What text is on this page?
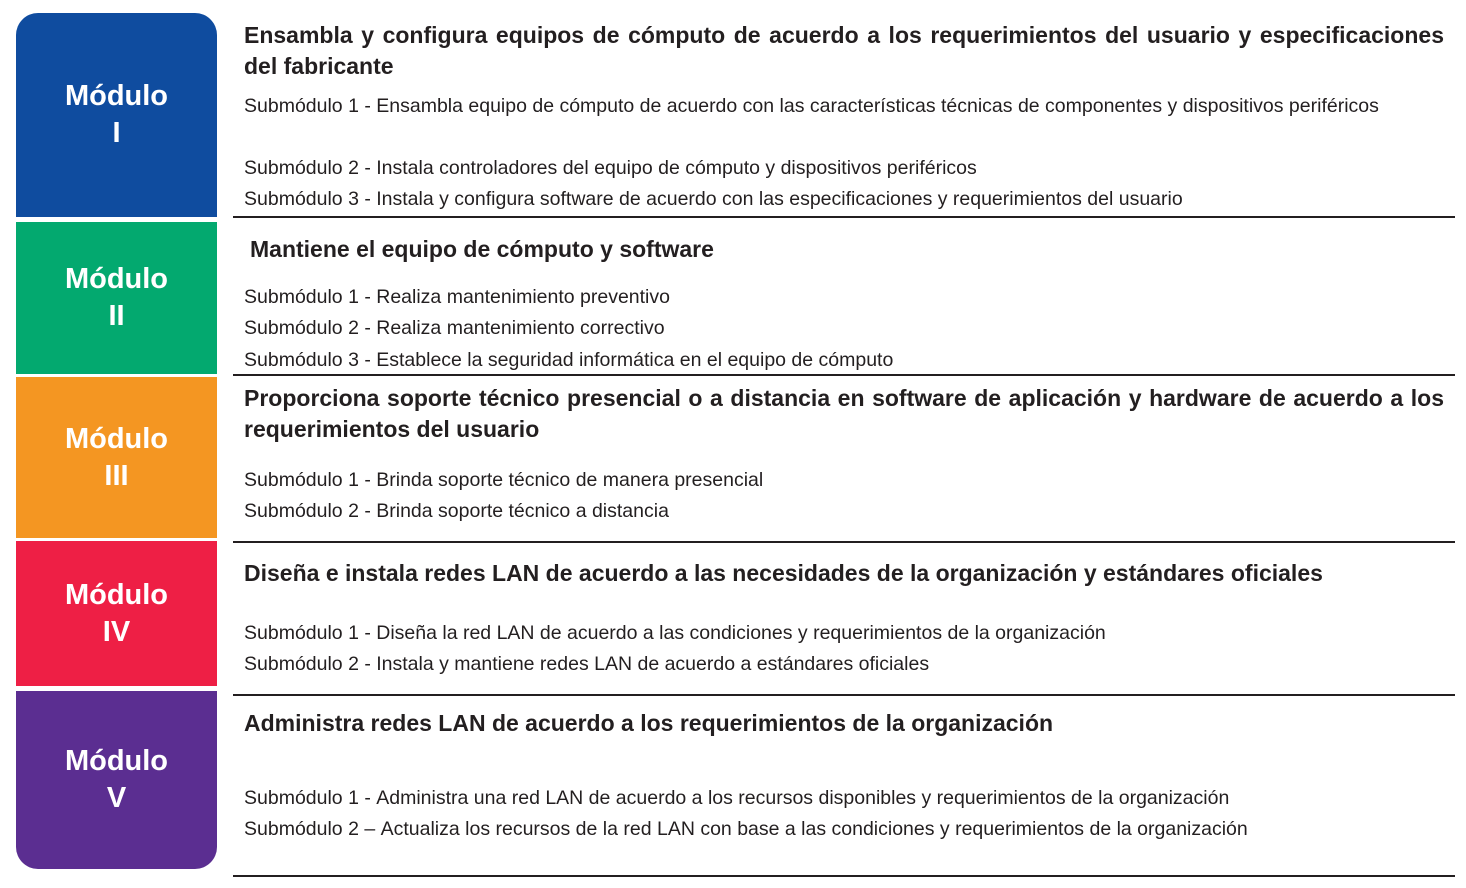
Módulo
I
Módulo
II
Módulo
III
Módulo
IV
Módulo
V
Ensambla y configura equipos de cómputo de acuerdo a los requerimientos del usuario y especificaciones del fabricante
Submódulo 1 - Ensambla equipo de cómputo de acuerdo con las características técnicas de componentes y dispositivos periféricos
Submódulo 2 - Instala controladores del equipo de cómputo y dispositivos periféricos
Submódulo 3 - Instala y configura software de acuerdo con las especificaciones y requerimientos del usuario
Mantiene el equipo de cómputo y software
Submódulo 1 - Realiza mantenimiento preventivo
Submódulo 2 - Realiza mantenimiento correctivo
Submódulo 3 - Establece la seguridad informática en el equipo de cómputo
Proporciona soporte técnico presencial o a distancia en software de aplicación y hardware de acuerdo a los requerimientos del usuario
Submódulo 1 - Brinda soporte técnico de manera presencial
Submódulo 2 - Brinda soporte técnico a distancia
Diseña e instala redes LAN de acuerdo a las necesidades de la organización y estándares oficiales
Submódulo 1 - Diseña la red LAN de acuerdo a las condiciones y requerimientos de la organización
Submódulo 2 - Instala y mantiene redes LAN de acuerdo a estándares oficiales
Administra redes LAN de acuerdo a los requerimientos de la organización
Submódulo 1 - Administra una red LAN de acuerdo a los recursos disponibles y requerimientos de la organización
Submódulo 2 – Actualiza los recursos de la red LAN con base a las condiciones y requerimientos de la organización
